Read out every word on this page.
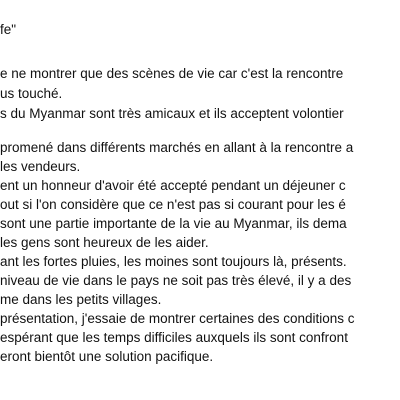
fe"
e ne montrer que des scènes de vie car c'est la rencontre
us touché.
s du Myanmar sont très amicaux et ils acceptent volontier
promené dans différents marchés en allant à la rencontre a
les vendeurs.
ent un honneur d'avoir été accepté pendant un déjeuner c
out si l'on considère que ce n'est pas si courant pour les é
sont une partie importante de la vie au Myanmar, ils dema
les gens sont heureux de les aider.
ant les fortes pluies, les moines sont toujours là, présents.
niveau de vie dans le pays ne soit pas très élevé, il y a des
me dans les petits villages.
présentation, j'essaie de montrer certaines des conditions c
espérant que les temps difficiles auxquels ils sont confront
eront bientôt une solution pacifique.
